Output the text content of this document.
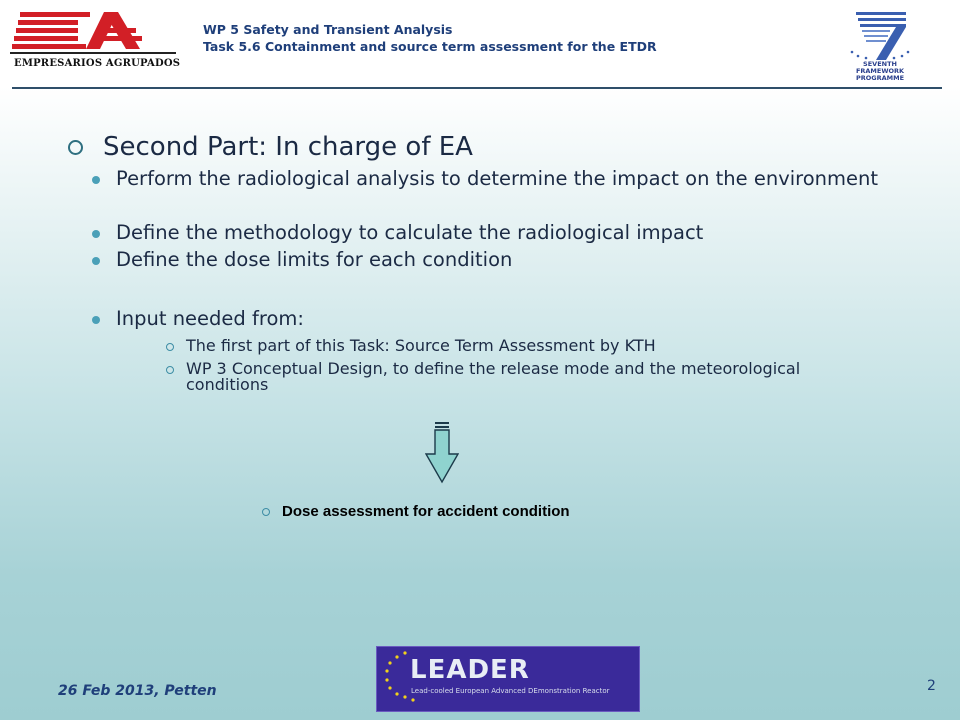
EMPRESARIOS AGRUPADOS
WP 5 Safety and Transient Analysis
Task 5.6 Containment and source term assessment for the ETDR
SEVENTH FRAMEWORK
PROGRAMME
Second Part: In charge of EA
Perform the radiological analysis to determine the impact on the environment
Define the methodology to calculate the radiological impact
Define the dose limits for each condition
Input needed from:
The first part of this Task: Source Term Assessment by KTH
WP 3 Conceptual Design, to define the release mode and the meteorological conditions
Dose assessment for accident condition
LEADER
Lead-cooled European Advanced DEmonstration Reactor
26 Feb 2013, Petten	2
